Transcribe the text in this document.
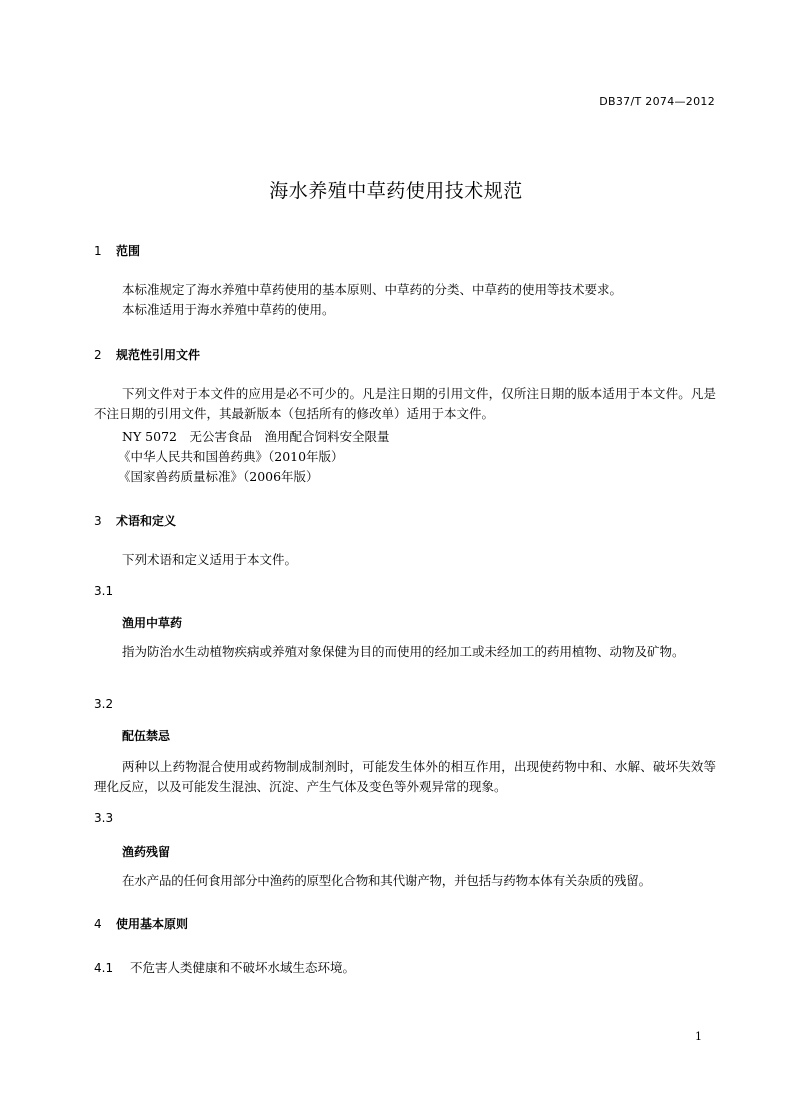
DB37/T 2074—2012
海水养殖中草药使用技术规范
1 范围
本标准规定了海水养殖中草药使用的基本原则、中草药的分类、中草药的使用等技术要求。
本标准适用于海水养殖中草药的使用。
2 规范性引用文件
下列文件对于本文件的应用是必不可少的。凡是注日期的引用文件，仅所注日期的版本适用于本文件。凡是不注日期的引用文件，其最新版本（包括所有的修改单）适用于本文件。
NY 5072　无公害食品　渔用配合饲料安全限量
《中华人民共和国兽药典》（2010年版）
《国家兽药质量标准》（2006年版）
3 术语和定义
下列术语和定义适用于本文件。
3.1
渔用中草药
指为防治水生动植物疾病或养殖对象保健为目的而使用的经加工或未经加工的药用植物、动物及矿物。
3.2
配伍禁忌
两种以上药物混合使用或药物制成制剂时，可能发生体外的相互作用，出现使药物中和、水解、破坏失效等理化反应，以及可能发生混浊、沉淀、产生气体及变色等外观异常的现象。
3.3
渔药残留
在水产品的任何食用部分中渔药的原型化合物和其代谢产物，并包括与药物本体有关杂质的残留。
4 使用基本原则
4.1 不危害人类健康和不破坏水域生态环境。
1
